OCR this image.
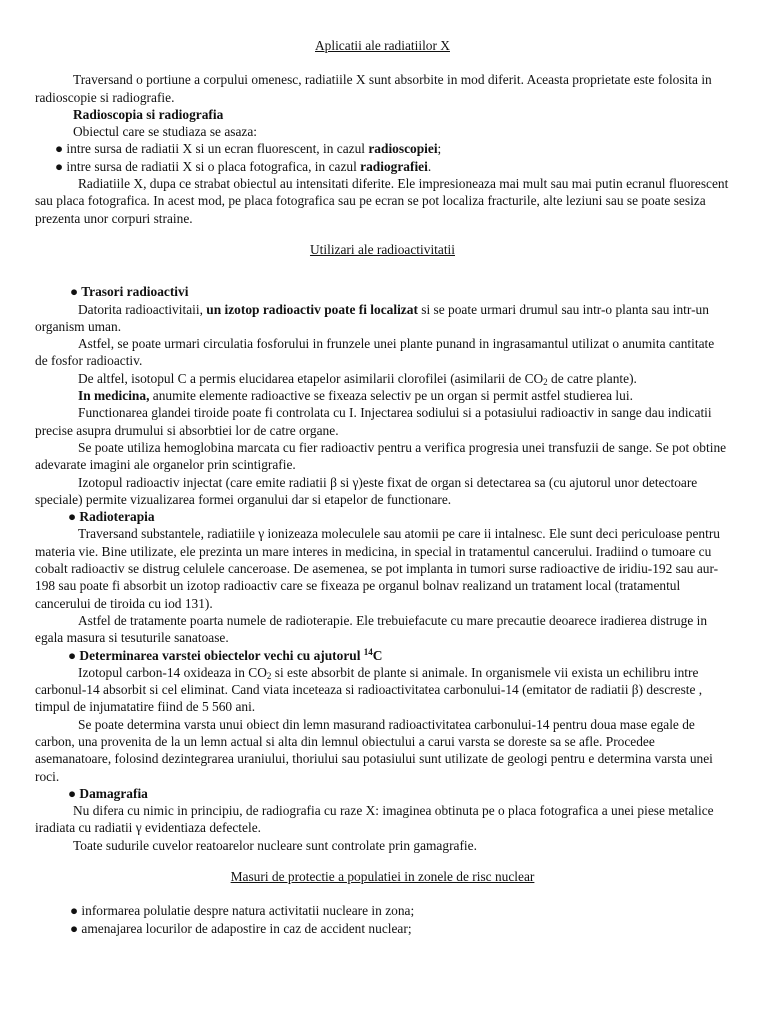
Aplicatii ale radiatiilor X

Traversand o portiune a corpului omenesc, radiatiile X sunt absorbite in mod diferit. Aceasta proprietate este folosita in radioscopie si radiografie.

Radioscopia si radiografia

Obiectul care se studiaza se asaza:

● intre sursa de radiatii X si un ecran fluorescent, in cazul radioscopiei;

● intre sursa de radiatii X si o placa fotografica, in cazul radiografiei.

Radiatiile X, dupa ce strabat obiectul au intensitati diferite. Ele impresioneaza mai mult sau mai putin ecranul fluorescent sau placa fotografica. In acest mod, pe placa fotografica sau pe ecran se pot localiza fracturile, alte leziuni sau se poate sesiza prezenta unor corpuri straine.

Utilizari ale radioactivitatii

● Trasori radioactivi

Datorita radioactivitaii, un izotop radioactiv poate fi localizat si se poate urmari drumul sau intr-o planta sau intr-un organism uman.

Astfel, se poate urmari circulatia fosforului in frunzele unei plante punand in ingrasamantul utilizat o anumita cantitate de fosfor radioactiv.

De altfel, isotopul C a permis elucidarea etapelor asimilarii clorofilei (asimilarii de $CO_2$ de catre plante).

In medicina, anumite elemente radioactive se fixeaza selectiv pe un organ si permit astfel studierea lui.

Functionarea glandei tiroide poate fi controlata cu I. Injectarea sodiului si a potasiului radioactiv in sange dau indicatii precise asupra drumului si absorbtiei lor de catre organe.

Se poate utiliza hemoglobina marcata cu fier radioactiv pentru a verifica progresia unei transfuzii de sange. Se pot obtine adevarate imagini ale organelor prin scintigrafie.

Izotopul radioactiv injectat (care emite radiatii β si γ)este fixat de organ si detectarea sa (cu ajutorul unor detectoare speciale) permite vizualizarea formei organului dar si etapelor de functionare.

● Radioterapia

Traversand substantele, radiatiile γ ionizeaza moleculele sau atomii pe care ii intalnesc. Ele sunt deci periculoase pentru materia vie. Bine utilizate, ele prezinta un mare interes in medicina, in special in tratamentul cancerului. Iradiind o tumoare cu cobalt radioactiv se distrug celulele canceroase. De asemenea, se pot implanta in tumori surse radioactive de iridiu-192 sau aur-198 sau poate fi absorbit un izotop radioactiv care se fixeaza pe organul bolnav realizand un tratament local (tratamentul cancerului de tiroida cu iod 131).

Astfel de tratamente poarta numele de radioterapie. Ele trebuiefacute cu mare precautie deoarece iradierea distruge in egala masura si tesuturile sanatoase.

● Determinarea varstei obiectelor vechi cu ajutorul $^{14}$C

Izotopul carbon-14 oxideaza in $CO_2$ si este absorbit de plante si animale. In organismele vii exista un echilibru intre carbonul-14 absorbit si cel eliminat. Cand viata inceteaza si radioactivitatea carbonului-14 (emitator de radiatii β) descreste , timpul de injumatatire fiind de 5 560 ani.

Se poate determina varsta unui obiect din lemn masurand radioactivitatea carbonului-14 pentru doua mase egale de carbon, una provenita de la un lemn actual si alta din lemnul obiectului a carui varsta se doreste sa se afle. Procedee asemanatoare, folosind dezintegrarea uraniului, thoriului sau potasiului sunt utilizate de geologi pentru e determina varsta unei roci.

● Damagrafia

Nu difera cu nimic in principiu, de radiografia cu raze X: imaginea obtinuta pe o placa fotografica a unei piese metalice iradiata cu radiatii γ evidentiaza defectele.

Toate sudurile cuvelor reatoarelor nucleare sunt controlate prin gamagrafie.

Masuri de protectie a populatiei in zonele de risc nuclear

● informarea polulatie despre natura activitatii nucleare in zona;

● amenajarea locurilor de adapostire in caz de accident nuclear;
